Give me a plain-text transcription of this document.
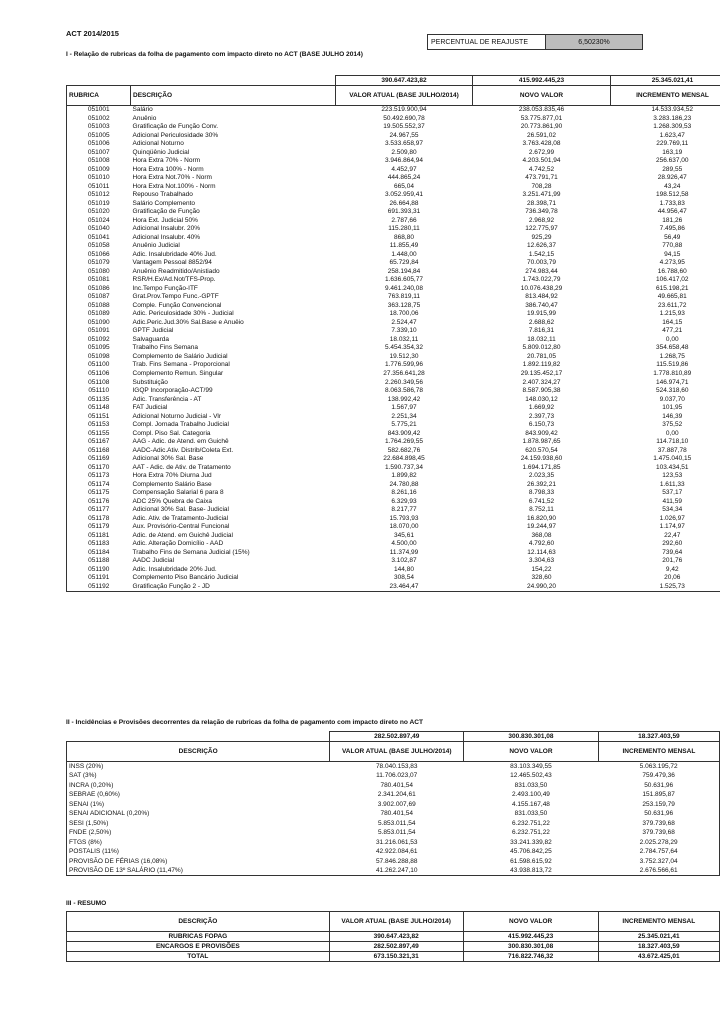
ACT 2014/2015
PERCENTUAL DE REAJUSTE	6,50230%
I - Relação de rubricas da folha de pagamento com impacto direto no ACT (BASE JULHO 2014)
		390.647.423,82	415.992.445,23	25.345.021,41
RUBRICA	DESCRIÇÃO	VALOR ATUAL (BASE JULHO/2014)	NOVO VALOR	INCREMENTO MENSAL
051001	Salário	223.519.900,94	238.053.835,46	14.533.934,52
051002	Anuênio	50.492.690,78	53.775.877,01	3.283.186,23
051003	Gratificação de Função Conv.	19.505.552,37	20.773.861,90	1.268.309,53
051005	Adicional Periculosidade 30%	24.967,55	26.591,02	1.623,47
051006	Adicional Noturno	3.533.658,97	3.763.428,08	229.769,11
051007	Quinqüênio Judicial	2.509,80	2.672,99	163,19
051008	Hora Extra 70% - Norm	3.946.864,94	4.203.501,94	256.637,00
051009	Hora Extra 100% - Norm	4.452,97	4.742,52	289,55
051010	Hora Extra Not.70% - Norm	444.865,24	473.791,71	28.926,47
051011	Hora Extra Not.100% - Norm	665,04	708,28	43,24
051012	Repouso Trabalhado	3.052.959,41	3.251.471,99	198.512,58
051019	Salário Complemento	26.664,88	28.398,71	1.733,83
051020	Gratificação de Função	691.393,31	736.349,78	44.956,47
051024	Hora Ext. Judicial 50%	2.787,66	2.968,92	181,26
051040	Adicional Insalubr. 20%	115.280,11	122.775,97	7.495,86
051041	Adicional Insalubr. 40%	868,80	925,29	56,49
051058	Anuênio Judicial	11.855,49	12.626,37	770,88
051066	Adic. Insalubridade 40% Jud.	1.448,00	1.542,15	94,15
051079	Vantagem Pessoal 8852/94	65.729,84	70.003,79	4.273,95
051080	Anuênio Readmitido/Anistiado	258.194,84	274.983,44	16.788,60
051081	RSR/H.Ex/Ad.Not/TFS-Prop.	1.636.605,77	1.743.022,79	106.417,02
051086	Inc.Tempo Função-ITF	9.461.240,08	10.076.438,29	615.198,21
051087	Grat.Prov.Tempo Func.-GPTF	763.819,11	813.484,92	49.665,81
051088	Comple. Função Convencional	363.128,75	386.740,47	23.611,72
051089	Adic. Periculosidade 30% - Judicial	18.700,06	19.915,99	1.215,93
051090	Adic.Peric.Jud.30% Sal.Base e Anuêio	2.524,47	2.688,62	164,15
051091	GPTF Judicial	7.339,10	7.816,31	477,21
051092	Salvaguarda	18.032,11	18.032,11	0,00
051095	Trabalho Fins Semana	5.454.354,32	5.809.012,80	354.658,48
051098	Complemento de Salário Judicial	19.512,30	20.781,05	1.268,75
051100	Trab. Fins Semana - Proporcional	1.776.599,96	1.892.119,82	115.519,86
051106	Complemento Remun. Singular	27.356.641,28	29.135.452,17	1.778.810,89
051108	Substituição	2.260.349,56	2.407.324,27	146.974,71
051110	IGQP Incorporação-ACT/99	8.063.586,78	8.587.905,38	524.318,60
051135	Adic. Transferência - AT	138.992,42	148.030,12	9.037,70
051148	FAT Judicial	1.567,97	1.669,92	101,95
051151	Adicional Noturno Judicial - Vlr	2.251,34	2.397,73	146,39
051153	Compl. Jornada Trabalho Judicial	5.775,21	6.150,73	375,52
051155	Compl. Piso Sal. Categoria	843.909,42	843.909,42	0,00
051167	AAG - Adic. de Atend. em Guichê	1.764.269,55	1.878.987,65	114.718,10
051168	AADC-Adic.Ativ. Distrib/Coleta Ext.	582.682,76	620.570,54	37.887,78
051169	Adicional 30% Sal. Base	22.684.898,45	24.159.938,60	1.475.040,15
051170	AAT - Adic. de Ativ. de Tratamento	1.590.737,34	1.694.171,85	103.434,51
051173	Hora Extra 70% Diurna Jud	1.899,82	2.023,35	123,53
051174	Complemento Salário Base	24.780,88	26.392,21	1.611,33
051175	Compensação Salarial 6 para 8	8.261,16	8.798,33	537,17
051176	ADC 25% Quebra de Caixa	6.329,93	6.741,52	411,59
051177	Adicional 30% Sal. Base- Judicial	8.217,77	8.752,11	534,34
051178	Adic. Ativ. de Tratamento-Judicial	15.793,93	16.820,90	1.026,97
051179	Aux. Provisório-Central Funcional	18.070,00	19.244,97	1.174,97
051181	Adic. de Atend. em Guichê Judicial	345,61	368,08	22,47
051183	Adic. Alteração Domicílio - AAD	4.500,00	4.792,60	292,60
051184	Trabalho Fins de Semana Judicial (15%)	11.374,99	12.114,63	739,64
051188	AADC Judicial	3.102,87	3.304,63	201,76
051190	Adic. Insalubridade 20% Jud.	144,80	154,22	9,42
051191	Complemento Piso Bancário Judicial	308,54	328,60	20,06
051192	Gratificação Função 2 - JD	23.464,47	24.990,20	1.525,73
II - Incidências e Provisões decorrentes da relação de rubricas da folha de pagamento com impacto direto no ACT
	282.502.897,49	300.830.301,08	18.327.403,59
DESCRIÇÃO	VALOR ATUAL (BASE JULHO/2014)	NOVO VALOR	INCREMENTO MENSAL
INSS (20%)	78.040.153,83	83.103.349,55	5.063.195,72
SAT (3%)	11.706.023,07	12.465.502,43	759.479,36
INCRA (0,20%)	780.401,54	831.033,50	50.631,96
SEBRAE (0,60%)	2.341.204,61	2.493.100,49	151.895,87
SENAI (1%)	3.902.007,69	4.155.167,48	253.159,79
SENAI ADICIONAL (0,20%)	780.401,54	831.033,50	50.631,96
SESI (1,50%)	5.853.011,54	6.232.751,22	379.739,68
FNDE (2,50%)	5.853.011,54	6.232.751,22	379.739,68
FTGS (8%)	31.216.061,53	33.241.339,82	2.025.278,29
POSTALIS (11%)	42.922.084,61	45.706.842,25	2.784.757,64
PROVISÃO DE FÉRIAS (16,08%)	57.846.288,88	61.598.615,92	3.752.327,04
PROVISÃO DE 13º SALÁRIO (11,47%)	41.262.247,10	43.938.813,72	2.676.566,61
III - RESUMO
DESCRIÇÃO	VALOR ATUAL (BASE JULHO/2014)	NOVO VALOR	INCREMENTO MENSAL
RUBRICAS FOPAG	390.647.423,82	415.992.445,23	25.345.021,41
ENCARGOS E PROVISÕES	282.502.897,49	300.830.301,08	18.327.403,59
TOTAL	673.150.321,31	716.822.746,32	43.672.425,01
